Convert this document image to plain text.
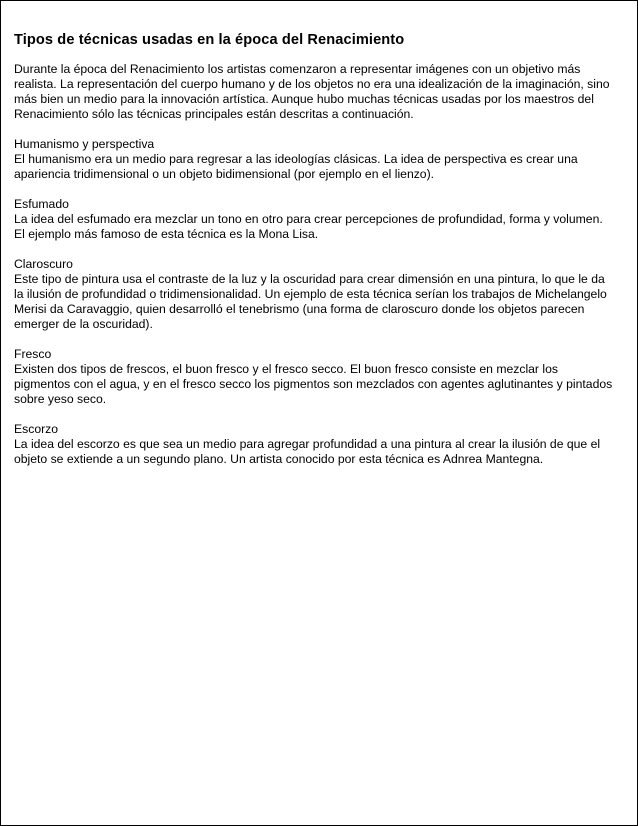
Tipos de técnicas usadas en la época del Renacimiento

Durante la época del Renacimiento los artistas comenzaron a representar imágenes con un objetivo más realista. La representación del cuerpo humano y de los objetos no era una idealización de la imaginación, sino más bien un medio para la innovación artística. Aunque hubo muchas técnicas usadas por los maestros del Renacimiento sólo las técnicas principales están descritas a continuación.

Humanismo y perspectiva

El humanismo era un medio para regresar a las ideologías clásicas. La idea de perspectiva es crear una apariencia tridimensional o un objeto bidimensional (por ejemplo en el lienzo).

Esfumado

La idea del esfumado era mezclar un tono en otro para crear percepciones de profundidad, forma y volumen. El ejemplo más famoso de esta técnica es la Mona Lisa.

Claroscuro

Este tipo de pintura usa el contraste de la luz y la oscuridad para crear dimensión en una pintura, lo que le da la ilusión de profundidad o tridimensionalidad. Un ejemplo de esta técnica serían los trabajos de Michelangelo Merisi da Caravaggio, quien desarrolló el tenebrismo (una forma de claroscuro donde los objetos parecen emerger de la oscuridad).

Fresco

Existen dos tipos de frescos, el buon fresco y el fresco secco. El buon fresco consiste en mezclar los pigmentos con el agua, y en el fresco secco los pigmentos son mezclados con agentes aglutinantes y pintados sobre yeso seco.

Escorzo

La idea del escorzo es que sea un medio para agregar profundidad a una pintura al crear la ilusión de que el objeto se extiende a un segundo plano. Un artista conocido por esta técnica es Adnrea Mantegna.
